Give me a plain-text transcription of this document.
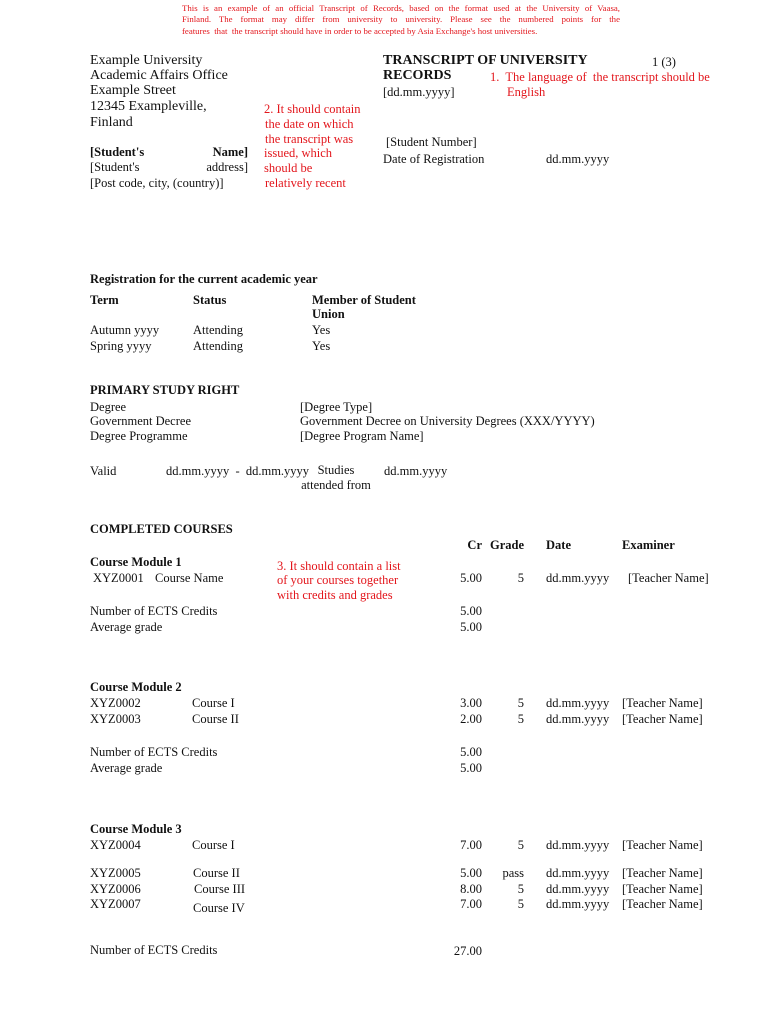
This is an example of an official Transcript of Records, based on the format used at the University of Vaasa,
Finland. The format may differ from university to university. Please see the numbered points for the
features  that  the transcript should have in order to be accepted by Asia Exchange's host universities.
Example University
Academic Affairs Office
Example Street
12345 Exampleville,
Finland
[Student's Name]
[Student's address]
[Post code, city, (country)]
TRANSCRIPT OF UNIVERSITY
RECORDS
1 (3)
[dd.mm.yyyy]
[Student Number]
Date of Registration	dd.mm.yyyy
1.  The language of  the transcript should be
English
2. It should contain
the date on which
the transcript was
issued, which
should be
relatively recent
Registration for the current academic year
Term	Status	Member of Student Union
Autumn yyyy	Attending	Yes
Spring yyyy	Attending	Yes
PRIMARY STUDY RIGHT
Degree	[Degree Type]
Government Decree	Government Decree on University Degrees (XXX/YYYY)
Degree Programme	[Degree Program Name]
Valid	dd.mm.yyyy  -  dd.mm.yyyy Studies attended from
dd.mm.yyyy
COMPLETED COURSES
Cr Grade Date	Examiner
Course Module 1
XYZ0001 Course Name	5.00	5 dd.mm.yyyy [Teacher Name]
Number of ECTS Credits	5.00
Average grade	5.00
3. It should contain a list
of your courses together
with credits and grades
Course Module 2
XYZ0002	Course I	3.00	5 dd.mm.yyyy [Teacher Name]
XYZ0003	Course II	2.00	5 dd.mm.yyyy [Teacher Name]
Number of ECTS Credits	5.00
Average grade	5.00
Course Module 3
XYZ0004	Course I	7.00	5 dd.mm.yyyy [Teacher Name]
XYZ0005	Course II	5.00	pass dd.mm.yyyy [Teacher Name]
XYZ0006	Course III	8.00	5 dd.mm.yyyy [Teacher Name]
XYZ0007	Course IV	7.00	5 dd.mm.yyyy [Teacher Name]
Number of ECTS Credits	27.00
